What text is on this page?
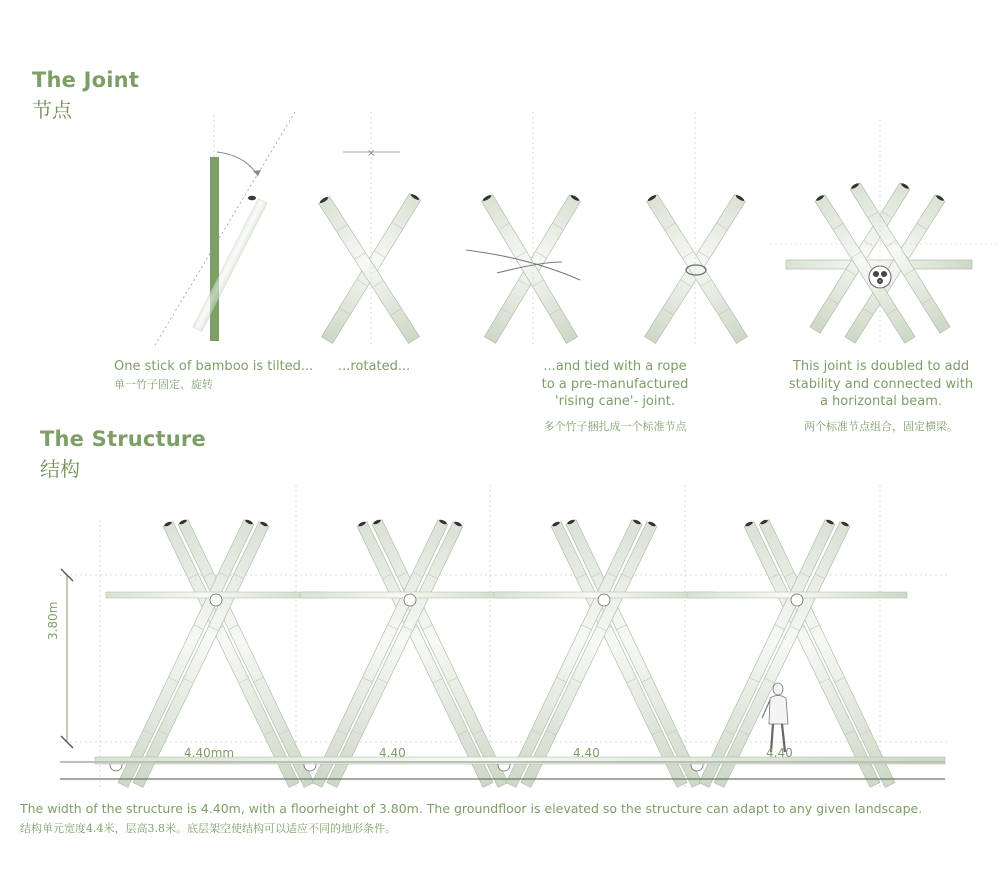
The Joint
节点
×
One stick of bamboo is tilted...
单一竹子固定、旋转
...rotated...	...and tied with a rope
to a pre-manufactured
'rising cane'- joint.
多个竹子捆扎成一个标准节点
This joint is doubled to add
stability and connected with
a horizontal beam.
两个标准节点组合，固定横梁。
The Structure
结构
3.80m
4.40mm	4.40	4.40	4.40
The width of the structure is 4.40m, with a floorheight of 3.80m. The groundfloor is elevated so the structure can adapt to any given landscape.
结构单元宽度4.4米，层高3.8米。底层架空使结构可以适应不同的地形条件。
